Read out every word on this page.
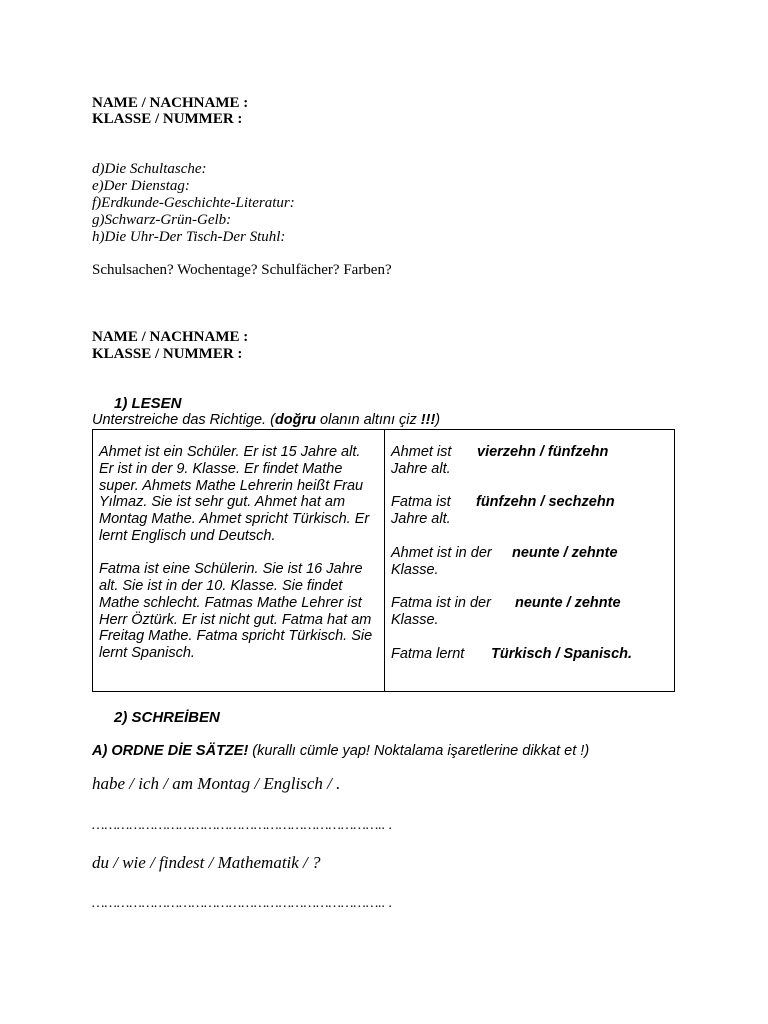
NAME / NACHNAME :
KLASSE / NUMMER :
d)Die Schultasche:
e)Der Dienstag:
f)Erdkunde-Geschichte-Literatur:
g)Schwarz-Grün-Gelb:
h)Die Uhr-Der Tisch-Der Stuhl:
Schulsachen? Wochentage? Schulfächer? Farben?
NAME / NACHNAME :
KLASSE / NUMMER :
1) LESEN
Unterstreiche das Richtige. (doğru olanın altını çiz !!!)

Ahmet ist ein Schüler. Er ist 15 Jahre alt. Er ist in der 9. Klasse. Er findet Mathe super. Ahmets Mathe Lehrerin heißt Frau Yılmaz. Sie ist sehr gut. Ahmet hat am Montag Mathe. Ahmet spricht Türkisch. Er lernt Englisch und Deutsch.

Fatma ist eine Schülerin. Sie ist 16 Jahre alt. Sie ist in der 10. Klasse. Sie findet Mathe schlecht. Fatmas Mathe Lehrer ist Herr Öztürk. Er ist nicht gut. Fatma hat am Freitag Mathe. Fatma spricht Türkisch. Sie lernt Spanisch.

Ahmet ist
Jahre alt.
vierzehn / fünfzehn
Fatma ist
Jahre alt.
fünfzehn / sechzehn
Ahmet ist in der
Klasse.
neunte / zehnte
Fatma ist in der
Klasse.
neunte / zehnte
Fatma lernt	Türkisch / Spanisch.
2) SCHREİBEN
A) ORDNE DİE SÄTZE! (kurallı cümle yap! Noktalama işaretlerine dikkat et !)
habe / ich / am Montag / Englisch / .
…………………………………………………………….. .
du / wie / findest / Mathematik / ?
…………………………………………………………….. .
